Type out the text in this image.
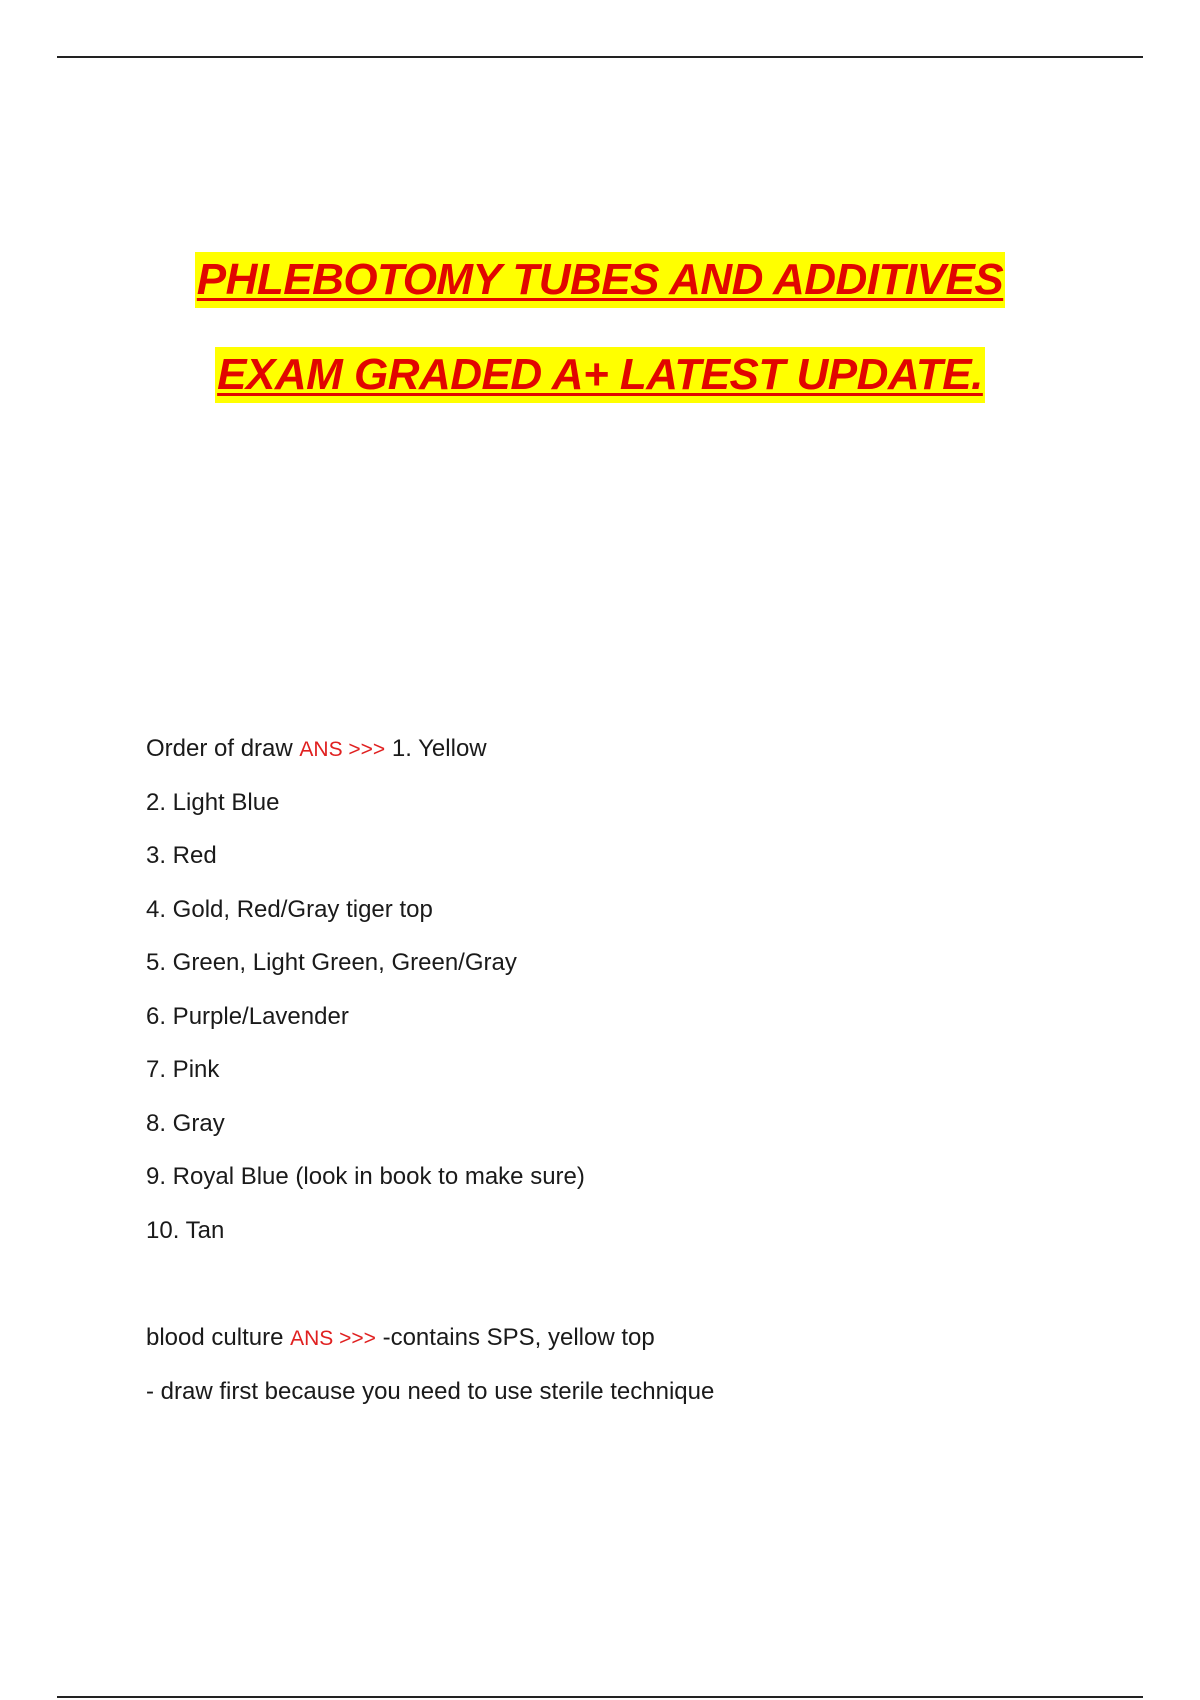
PHLEBOTOMY TUBES AND ADDITIVES

EXAM GRADED A+ LATEST UPDATE.

Order of draw ANS >>> 1. Yellow
2. Light Blue
3. Red
4. Gold, Red/Gray tiger top
5. Green, Light Green, Green/Gray
6. Purple/Lavender
7. Pink
8. Gray
9. Royal Blue (look in book to make sure)
10. Tan
blood culture ANS >>> -contains SPS, yellow top
- draw first because you need to use sterile technique
